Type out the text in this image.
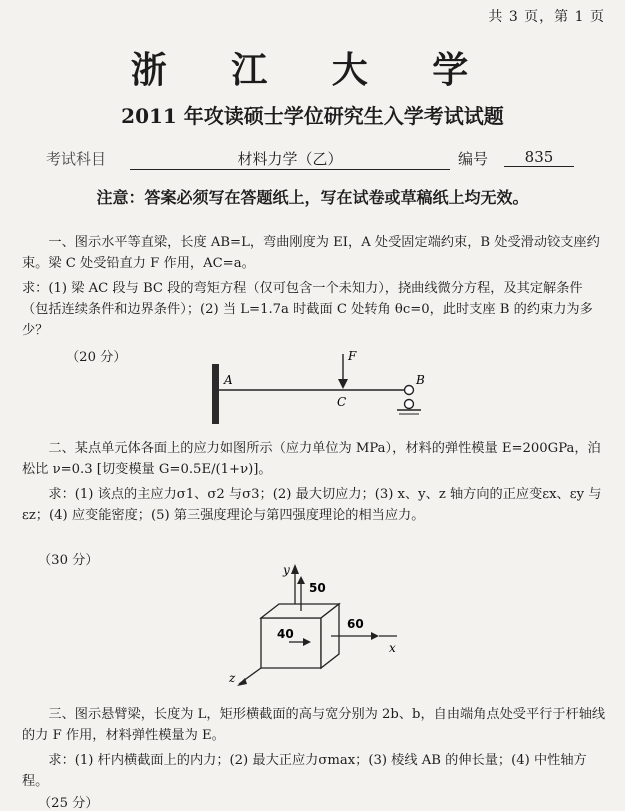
共 3 页，第 1 页
浙 江 大 学
2011 年攻读硕士学位研究生入学考试试题
考试科目	材料力学（乙）	编号	835
注意：答案必须写在答题纸上，写在试卷或草稿纸上均无效。
一、图示水平等直梁，长度 AB=L，弯曲刚度为 EI，A 处受固定端约束，B 处受滑动铰支座约束。梁 C 处受铅直力 F 作用，AC=a。
求：(1) 梁 AC 段与 BC 段的弯矩方程（仅可包含一个未知力），挠曲线微分方程，及其定解条件（包括连续条件和边界条件）；(2) 当 L=1.7a 时截面 C 处转角 θc=0，此时支座 B 的约束力为多少？
（20 分）
A	B
C
F
二、某点单元体各面上的应力如图所示（应力单位为 MPa），材料的弹性模量 E=200GPa，泊松比 ν=0.3 [切变模量 G=0.5E/(1+ν)]。
求：(1) 该点的主应力σ1、σ2 与σ3；(2) 最大切应力；(3) x、y、z 轴方向的正应变εx、εy 与εz；(4) 应变能密度；(5) 第三强度理论与第四强度理论的相当应力。
（30 分）
y
50
40
60
x
z
三、图示悬臂梁，长度为 L，矩形横截面的高与宽分别为 2b、b，自由端角点处受平行于杆轴线的力 F 作用，材料弹性模量为 E。
求：(1) 杆内横截面上的内力；(2) 最大正应力σmax；(3) 棱线 AB 的伸长量；(4) 中性轴方程。
（25 分）
